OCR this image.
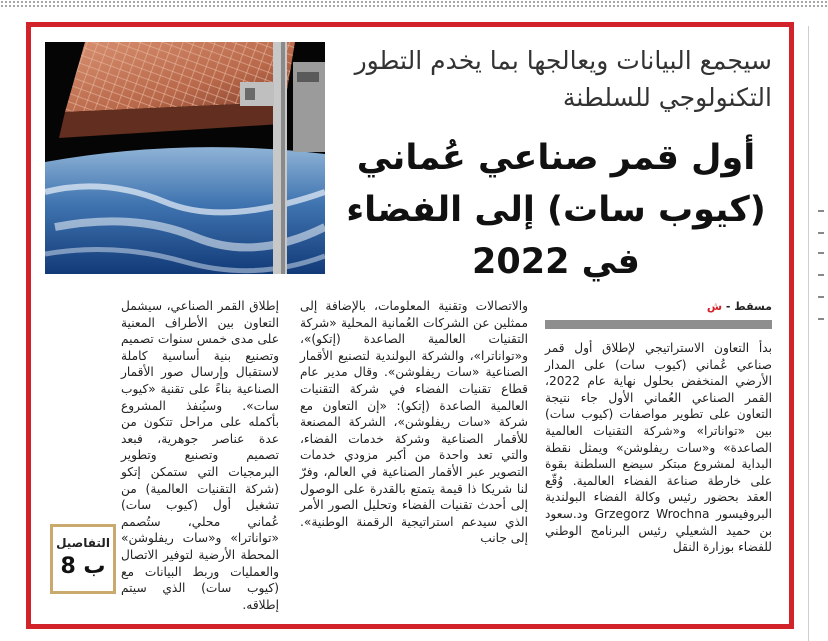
سيجمع البيانات ويعالجها بما يخدم التطور التكنولوجي للسلطنة
أول قمر صناعي عُماني (كيوب سات) إلى الفضاء في 2022
مسقط - ش

بدأ التعاون الاستراتيجي لإطلاق أول قمر صناعي عُماني (كيوب سات) على المدار الأرضي المنخفض بحلول نهاية عام 2022، القمر الصناعي العُماني الأول جاء نتيجة التعاون على تطوير مواصفات (كيوب سات) بين «تواناترا» و«شركة التقنيات العالمية الصاعدة» و«سات ريفلوشن» ويمثل نقطة البداية لمشروع مبتكر سيضع السلطنة بقوة على خارطة صناعة الفضاء العالمية. وُقّع العقد بحضور رئيس وكالة الفضاء البولندية البروفيسور Grzegorz Wrochna ود.سعود بن حميد الشعيلي رئيس البرنامج الوطني للفضاء بوزارة النقل

والاتصالات وتقنية المعلومات، بالإضافة إلى ممثلين عن الشركات العُمانية المحلية «شركة التقنيات العالمية الصاعدة (إتكو)»، و«تواناترا»، والشركة البولندية لتصنيع الأقمار الصناعية «سات ريفلوشن». وقال مدير عام قطاع تقنيات الفضاء في شركة التقنيات العالمية الصاعدة (إتكو): «إن التعاون مع شركة «سات ريفلوشن»، الشركة المصنعة للأقمار الصناعية وشركة خدمات الفضاء، والتي تعد واحدة من أكبر مزودي خدمات التصوير عبر الأقمار الصناعية في العالم، وفرّ لنا شريكا ذا قيمة يتمتع بالقدرة على الوصول إلى أحدث تقنيات الفضاء وتحليل الصور الأمر الذي سيدعم استراتيجية الرقمنة الوطنية». إلى جانب

إطلاق القمر الصناعي، سيشمل التعاون بين الأطراف المعنية على مدى خمس سنوات تصميم وتصنيع بنية أساسية كاملة لاستقبال وإرسال صور الأقمار الصناعية بناءً على تقنية «كيوب سات». وسيُنفذ المشروع بأكمله على مراحل تتكون من عدة عناصر جوهرية، فبعد تصميم وتصنيع وتطوير البرمجيات التي ستمكن إتكو (شركة التقنيات العالمية) من تشغيل أول (كيوب سات) عُماني محلي، ستُصمم «تواناترا» و«سات ريفلوشن» المحطة الأرضية لتوفير الاتصال والعمليات وربط البيانات مع (كيوب سات) الذي سيتم إطلاقه.

التفاصيل
ب 8
